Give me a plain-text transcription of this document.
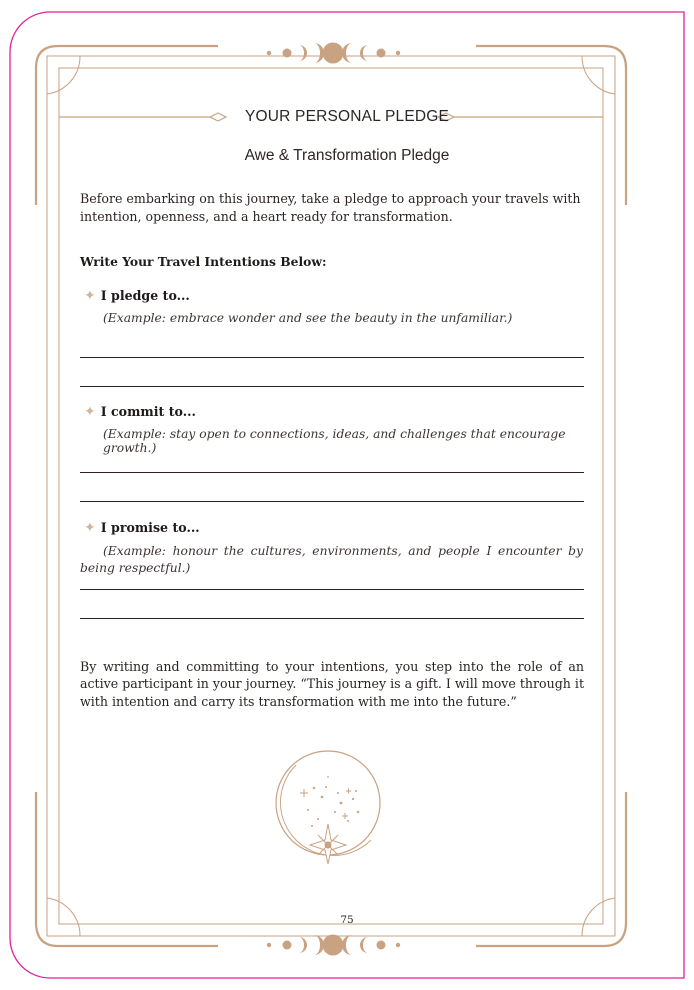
YOUR PERSONAL PLEDGE
Awe & Transformation Pledge
Before embarking on this journey, take a pledge to approach your travels with intention, openness, and a heart ready for transformation.
Write Your Travel Intentions Below:
✦ I pledge to...
(Example: embrace wonder and see the beauty in the unfamiliar.)
✦ I commit to...
(Example: stay open to connections, ideas, and challenges that encourage growth.)
✦ I promise to...
(Example: honour the cultures, environments, and people I encounter by being respectful.)
By writing and committing to your intentions, you step into the role of an active participant in your journey. “This journey is a gift. I will move through it with intention and carry its transformation with me into the future.”
75
